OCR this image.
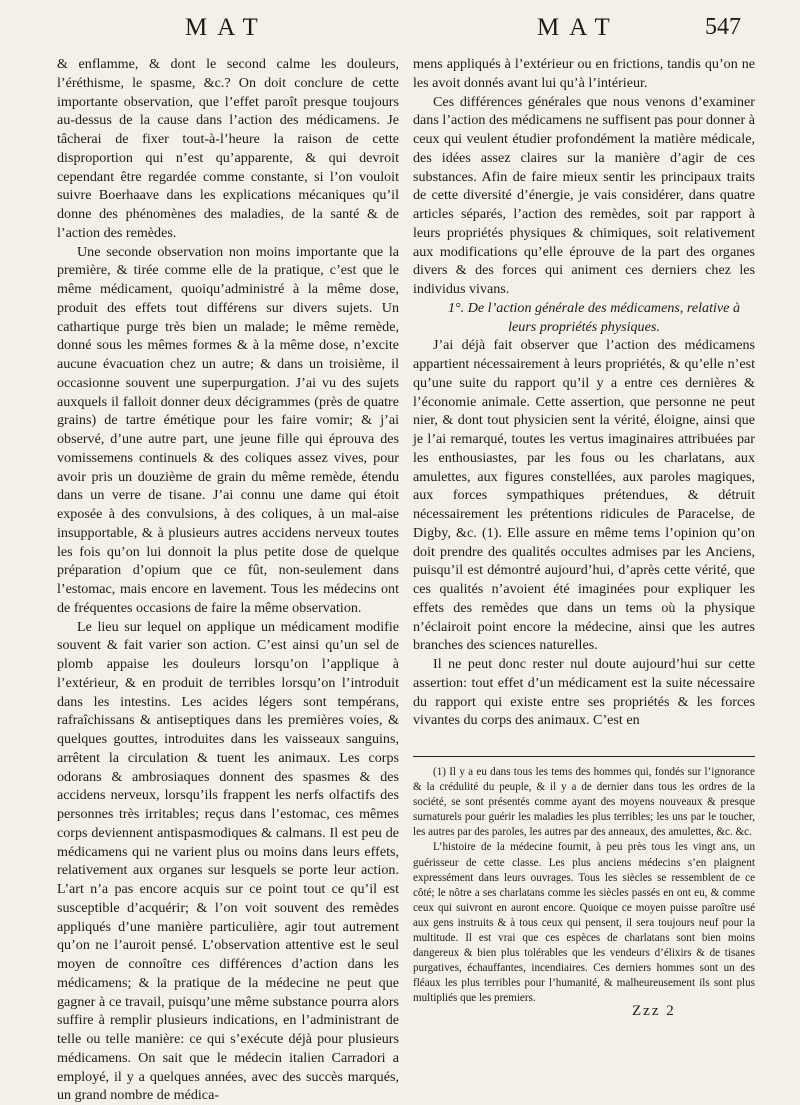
MAT	MAT	547

& enflamme, & dont le second calme les douleurs, l’éréthisme, le spasme, &c.? On doit conclure de cette importante observation, que l’effet paroît presque toujours au-dessus de la cause dans l’action des médicamens. Je tâcherai de fixer tout-à-l’heure la raison de cette disproportion qui n’est qu’apparente, & qui devroit cependant être regardée comme constante, si l’on vouloit suivre Boerhaave dans les explications mécaniques qu’il donne des phénomènes des maladies, de la santé & de l’action des remèdes.

Une seconde observation non moins importante que la première, & tirée comme elle de la pratique, c’est que le même médicament, quoiqu’administré à la même dose, produit des effets tout différens sur divers sujets. Un cathartique purge très bien un malade; le même remède, donné sous les mêmes formes & à la même dose, n’excite aucune évacuation chez un autre; & dans un troisième, il occasionne souvent une superpurgation. J’ai vu des sujets auxquels il falloit donner deux décigrammes (près de quatre grains) de tartre émétique pour les faire vomir; & j’ai observé, d’une autre part, une jeune fille qui éprouva des vomissemens continuels & des coliques assez vives, pour avoir pris un douzième de grain du même remède, étendu dans un verre de tisane. J’ai connu une dame qui étoit exposée à des convulsions, à des coliques, à un mal-aise insupportable, & à plusieurs autres accidens nerveux toutes les fois qu’on lui donnoit la plus petite dose de quelque préparation d’opium que ce fût, non-seulement dans l’estomac, mais encore en lavement. Tous les médecins ont de fréquentes occasions de faire la même observation.

Le lieu sur lequel on applique un médicament modifie souvent & fait varier son action. C’est ainsi qu’un sel de plomb appaise les douleurs lorsqu’on l’applique à l’extérieur, & en produit de terribles lorsqu’on l’introduit dans les intestins. Les acides légers sont tempérans, rafraîchissans & antiseptiques dans les premières voies, & quelques gouttes, introduites dans les vaisseaux sanguins, arrêtent la circulation & tuent les animaux. Les corps odorans & ambrosiaques donnent des spasmes & des accidens nerveux, lorsqu’ils frappent les nerfs olfactifs des personnes très irritables; reçus dans l’estomac, ces mêmes corps deviennent antispasmodiques & calmans. Il est peu de médicamens qui ne varient plus ou moins dans leurs effets, relativement aux organes sur lesquels se porte leur action. L’art n’a pas encore acquis sur ce point tout ce qu’il est susceptible d’acquérir; & l’on voit souvent des remèdes appliqués d’une manière particulière, agir tout autrement qu’on ne l’auroit pensé. L’observation attentive est le seul moyen de connoître ces différences d’action dans les médicamens; & la pratique de la médecine ne peut que gagner à ce travail, puisqu’une même substance pourra alors suffire à remplir plusieurs indications, en l’administrant de telle ou telle manière: ce qui s’exécute déjà pour plusieurs médicamens. On sait que le médecin italien Carradori a employé, il y a quelques années, avec des succès marqués, un grand nombre de médica-

mens appliqués à l’extérieur ou en frictions, tandis qu’on ne les avoit donnés avant lui qu’à l’intérieur.

Ces différences générales que nous venons d’examiner dans l’action des médicamens ne suffisent pas pour donner à ceux qui veulent étudier profondément la matière médicale, des idées assez claires sur la manière d’agir de ces substances. Afin de faire mieux sentir les principaux traits de cette diversité d’énergie, je vais considérer, dans quatre articles séparés, l’action des remèdes, soit par rapport à leurs propriétés physiques & chimiques, soit relativement aux modifications qu’elle éprouve de la part des organes divers & des forces qui animent ces derniers chez les individus vivans.

1°. De l’action générale des médicamens, relative à leurs propriétés physiques.

J’ai déjà fait observer que l’action des médicamens appartient nécessairement à leurs propriétés, & qu’elle n’est qu’une suite du rapport qu’il y a entre ces dernières & l’économie animale. Cette assertion, que personne ne peut nier, & dont tout physicien sent la vérité, éloigne, ainsi que je l’ai remarqué, toutes les vertus imaginaires attribuées par les enthousiastes, par les fous ou les charlatans, aux amulettes, aux figures constellées, aux paroles magiques, aux forces sympathiques prétendues, & détruit nécessairement les prétentions ridicules de Paracelse, de Digby, &c. (1). Elle assure en même tems l’opinion qu’on doit prendre des qualités occultes admises par les Anciens, puisqu’il est démontré aujourd’hui, d’après cette vérité, que ces qualités n’avoient été imaginées pour expliquer les effets des remèdes que dans un tems où la physique n’éclairoit point encore la médecine, ainsi que les autres branches des sciences naturelles.

Il ne peut donc rester nul doute aujourd’hui sur cette assertion: tout effet d’un médicament est la suite nécessaire du rapport qui existe entre ses propriétés & les forces vivantes du corps des animaux. C’est en

(1) Il y a eu dans tous les tems des hommes qui, fondés sur l’ignorance & la crédulité du peuple, & il y a de dernier dans tous les ordres de la société, se sont présentés comme ayant des moyens nouveaux & presque surnaturels pour guérir les maladies les plus terribles; les uns par le toucher, les autres par des paroles, les autres par des anneaux, des amulettes, &c. &c.

L’histoire de la médecine fournit, à peu près tous les vingt ans, un guérisseur de cette classe. Les plus anciens médecins s’en plaignent expressément dans leurs ouvrages. Tous les siècles se ressemblent de ce côté; le nôtre a ses charlatans comme les siècles passés en ont eu, & comme ceux qui suivront en auront encore. Quoique ce moyen puisse paroître usé aux gens instruits & à tous ceux qui pensent, il sera toujours neuf pour la multitude. Il est vrai que ces espèces de charlatans sont bien moins dangereux & bien plus tolérables que les vendeurs d’élixirs & de tisanes purgatives, échauffantes, incendiaires. Ces derniers hommes sont un des fléaux les plus terribles pour l’humanité, & malheureusement ils sont plus multipliés que les premiers.

Zzz 2
